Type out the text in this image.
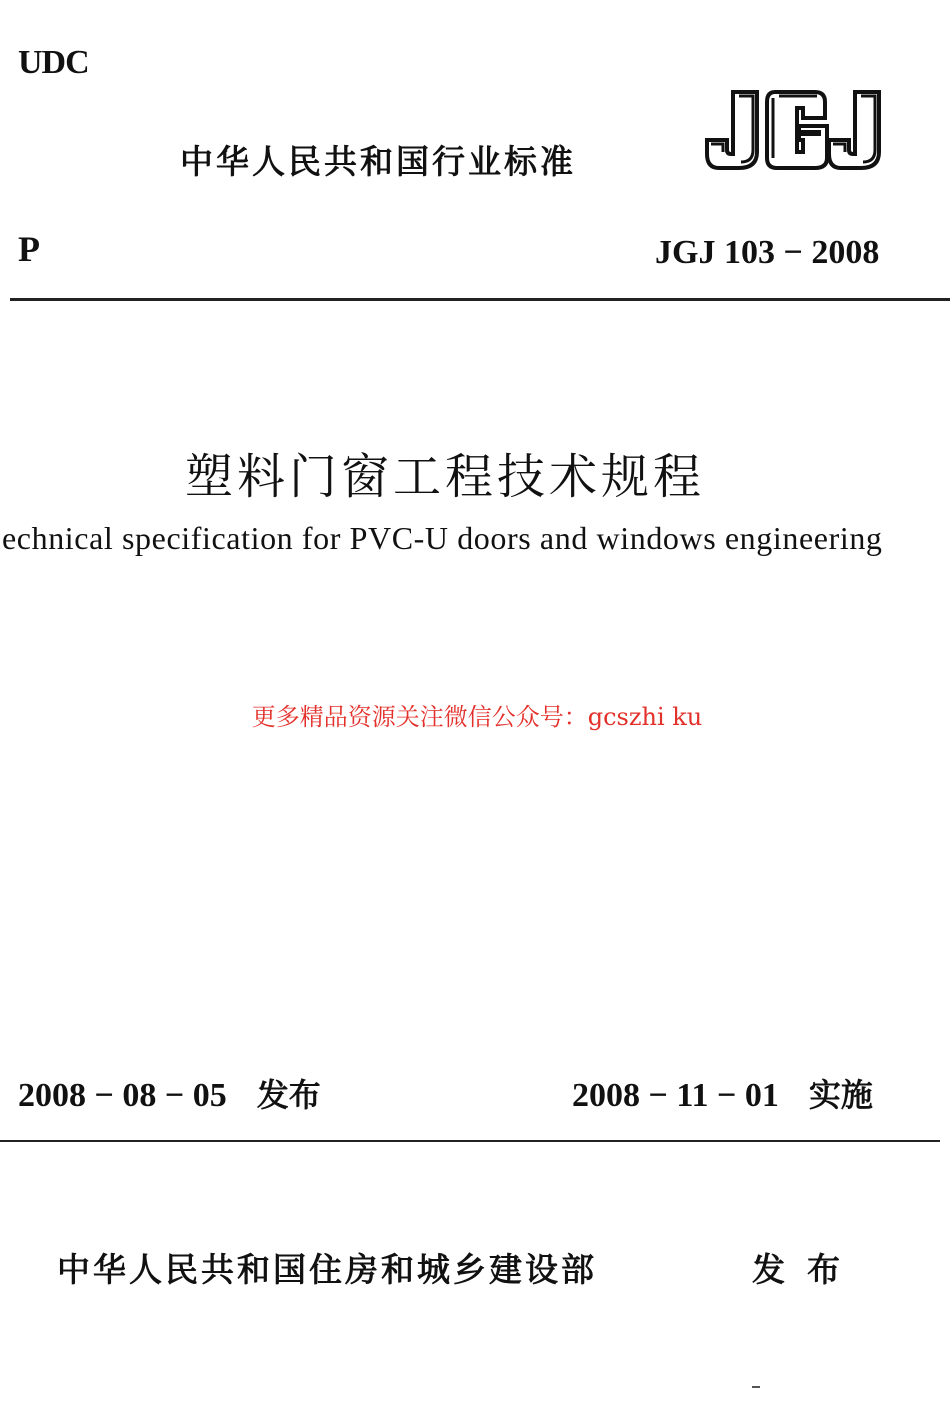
UDC
中华人民共和国行业标准
P	JGJ 103 − 2008
塑料门窗工程技术规程
echnical specification for PVC-U doors and windows engineering
更多精品资源关注微信公众号：gcszhi ku
2008 − 08 − 05 发布	2008 − 11 − 01 实施
中华人民共和国住房和城乡建设部	发布
